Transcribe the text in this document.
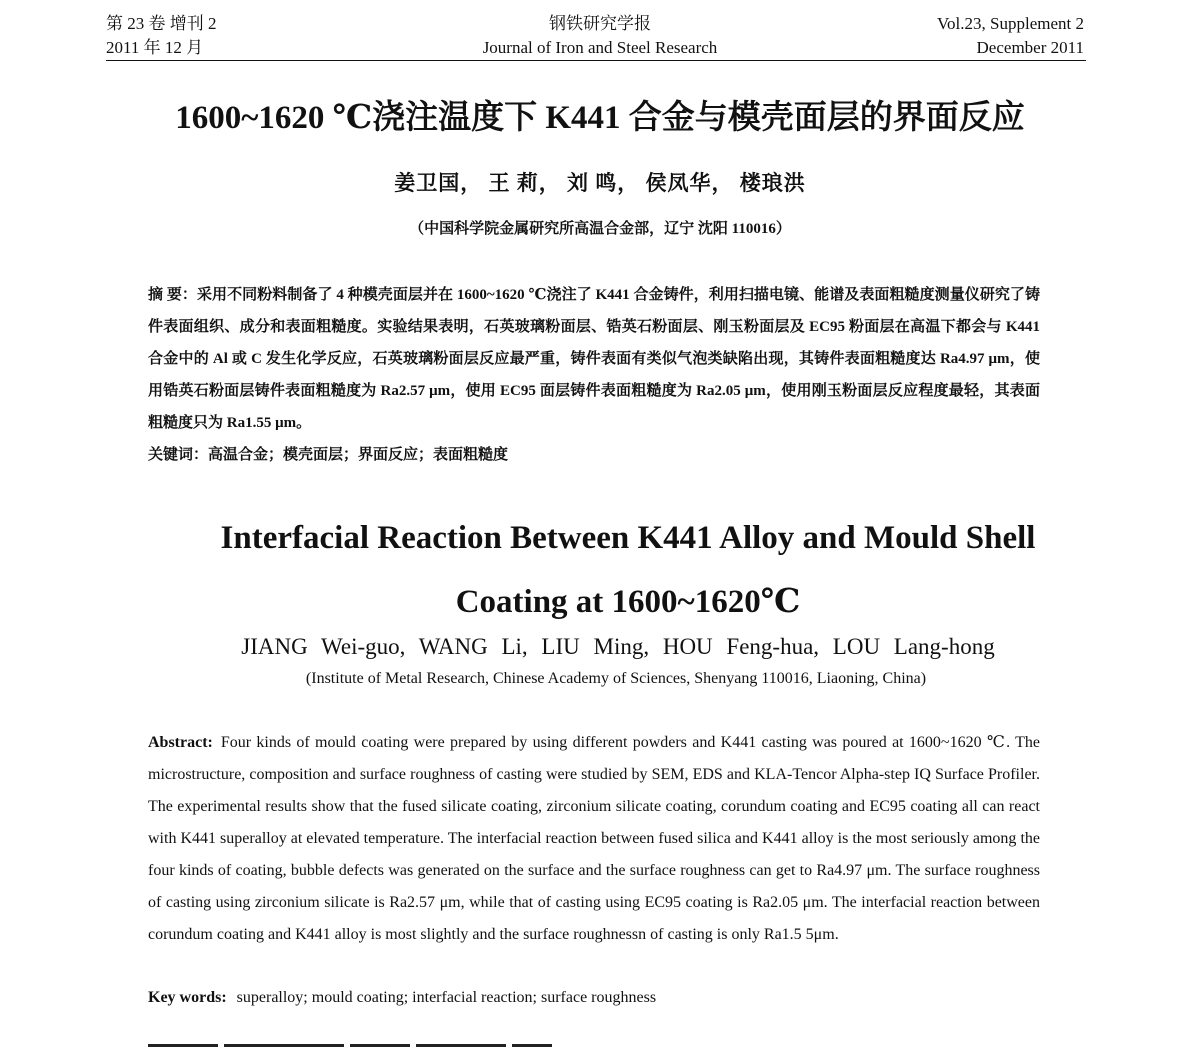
第 23 卷 增刊 2
2011 年 12 月
钢铁研究学报
Journal of Iron and Steel Research
Vol.23, Supplement 2
December 2011
1600~1620 ℃浇注温度下 K441 合金与模壳面层的界面反应
姜卫国， 王 莉， 刘 鸣， 侯凤华， 楼琅洪
（中国科学院金属研究所高温合金部，辽宁 沈阳 110016）
摘 要：采用不同粉料制备了 4 种模壳面层并在 1600~1620 ℃浇注了 K441 合金铸件，利用扫描电镜、能谱及表面粗糙度测量仪研究了铸件表面组织、成分和表面粗糙度。实验结果表明，石英玻璃粉面层、锆英石粉面层、刚玉粉面层及 EC95 粉面层在高温下都会与 K441 合金中的 Al 或 C 发生化学反应，石英玻璃粉面层反应最严重，铸件表面有类似气泡类缺陷出现，其铸件表面粗糙度达 Ra4.97 μm，使用锆英石粉面层铸件表面粗糙度为 Ra2.57 μm，使用 EC95 面层铸件表面粗糙度为 Ra2.05 μm，使用刚玉粉面层反应程度最轻，其表面粗糙度只为 Ra1.55 μm。
关键词：高温合金；模壳面层；界面反应；表面粗糙度
Interfacial Reaction Between K441 Alloy and Mould Shell
Coating at 1600~1620℃
JIANG Wei-guo, WANG Li, LIU Ming, HOU Feng-hua, LOU Lang-hong
(Institute of Metal Research, Chinese Academy of Sciences, Shenyang 110016, Liaoning, China)
Abstract: Four kinds of mould coating were prepared by using different powders and K441 casting was poured at 1600~1620 ℃. The microstructure, composition and surface roughness of casting were studied by SEM, EDS and KLA-Tencor Alpha-step IQ Surface Profiler. The experimental results show that the fused silicate coating, zirconium silicate coating, corundum coating and EC95 coating all can react with K441 superalloy at elevated temperature. The interfacial reaction between fused silica and K441 alloy is the most seriously among the four kinds of coating, bubble defects was generated on the surface and the surface roughness can get to Ra4.97 μm. The surface roughness of casting using zirconium silicate is Ra2.57 μm, while that of casting using EC95 coating is Ra2.05 μm. The interfacial reaction between corundum coating and K441 alloy is most slightly and the surface roughnessn of casting is only Ra1.5 5μm.
Key words: superalloy; mould coating; interfacial reaction; surface roughness
